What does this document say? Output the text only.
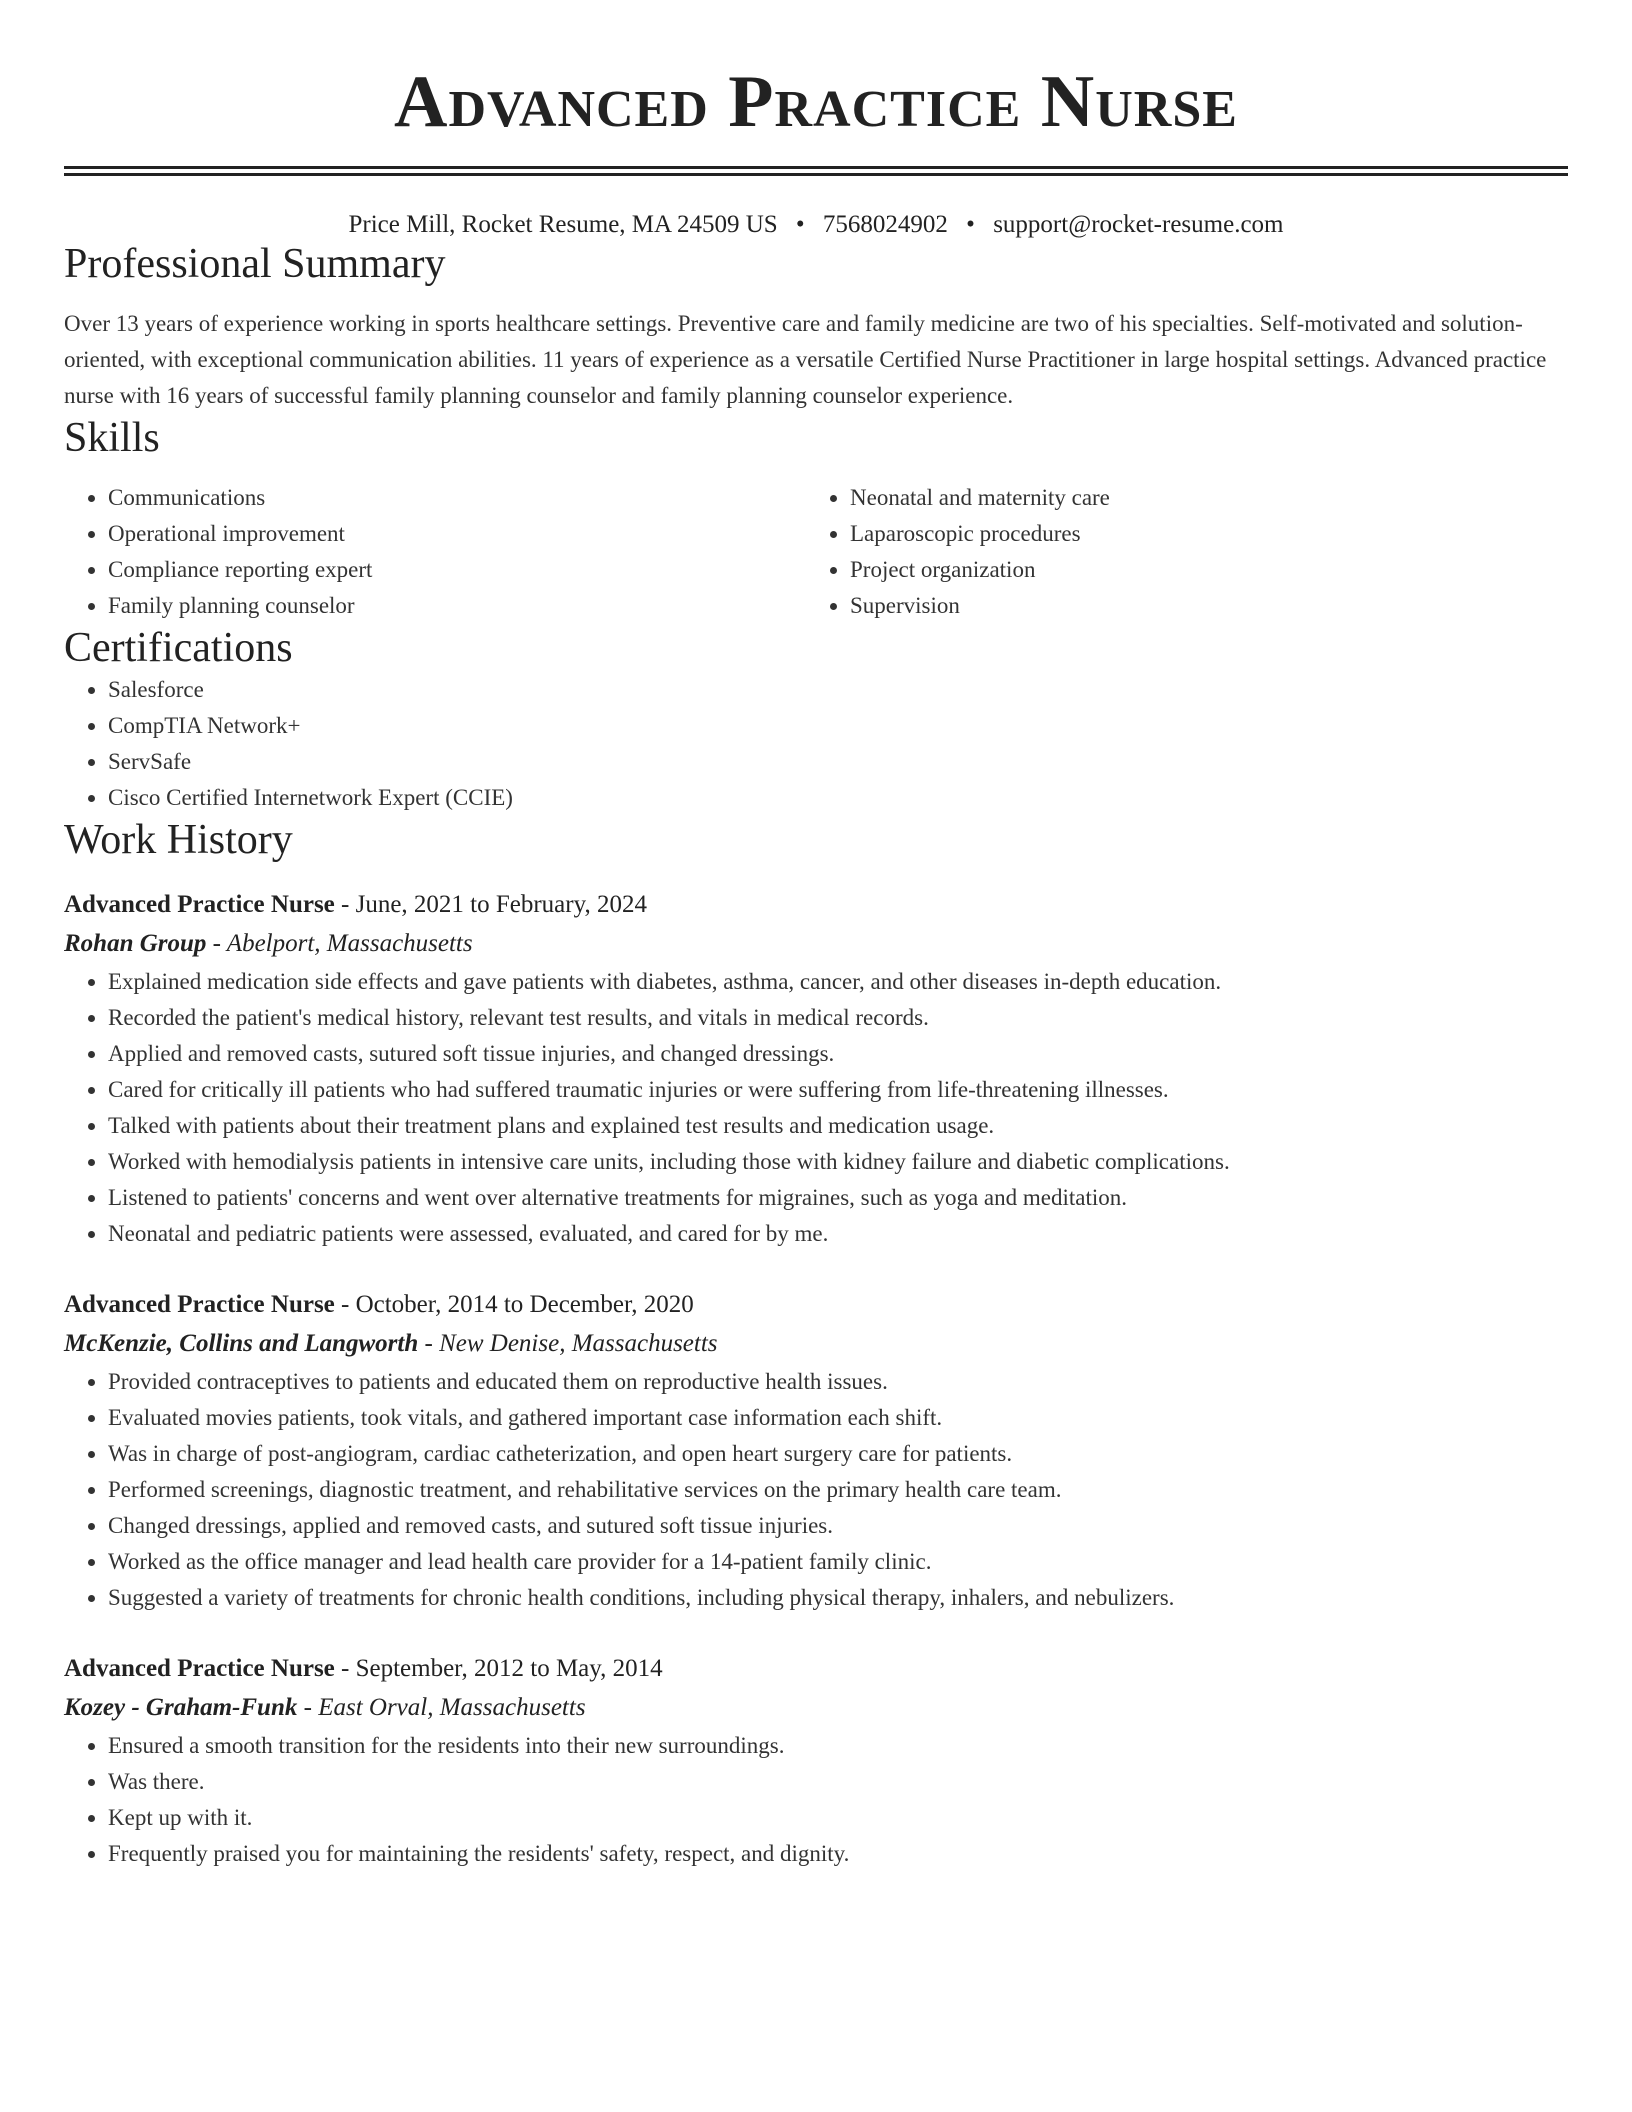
Advanced Practice Nurse
Price Mill, Rocket Resume, MA 24509 US • 7568024902 • support@rocket-resume.com
Professional Summary
Over 13 years of experience working in sports healthcare settings. Preventive care and family medicine are two of his specialties. Self-motivated and solution-oriented, with exceptional communication abilities. 11 years of experience as a versatile Certified Nurse Practitioner in large hospital settings. Advanced practice nurse with 16 years of successful family planning counselor and family planning counselor experience.
Skills
• Communications
• Operational improvement
• Compliance reporting expert
• Family planning counselor
• Neonatal and maternity care
• Laparoscopic procedures
• Project organization
• Supervision
Certifications
• Salesforce
• CompTIA Network+
• ServSafe
• Cisco Certified Internetwork Expert (CCIE)
Work History
Advanced Practice Nurse - June, 2021 to February, 2024
Rohan Group - Abelport, Massachusetts
• Explained medication side effects and gave patients with diabetes, asthma, cancer, and other diseases in-depth education.
• Recorded the patient's medical history, relevant test results, and vitals in medical records.
• Applied and removed casts, sutured soft tissue injuries, and changed dressings.
• Cared for critically ill patients who had suffered traumatic injuries or were suffering from life-threatening illnesses.
• Talked with patients about their treatment plans and explained test results and medication usage.
• Worked with hemodialysis patients in intensive care units, including those with kidney failure and diabetic complications.
• Listened to patients' concerns and went over alternative treatments for migraines, such as yoga and meditation.
• Neonatal and pediatric patients were assessed, evaluated, and cared for by me.
Advanced Practice Nurse - October, 2014 to December, 2020
McKenzie, Collins and Langworth - New Denise, Massachusetts
• Provided contraceptives to patients and educated them on reproductive health issues.
• Evaluated movies patients, took vitals, and gathered important case information each shift.
• Was in charge of post-angiogram, cardiac catheterization, and open heart surgery care for patients.
• Performed screenings, diagnostic treatment, and rehabilitative services on the primary health care team.
• Changed dressings, applied and removed casts, and sutured soft tissue injuries.
• Worked as the office manager and lead health care provider for a 14-patient family clinic.
• Suggested a variety of treatments for chronic health conditions, including physical therapy, inhalers, and nebulizers.
Advanced Practice Nurse - September, 2012 to May, 2014
Kozey - Graham-Funk - East Orval, Massachusetts
• Ensured a smooth transition for the residents into their new surroundings.
• Was there.
• Kept up with it.
• Frequently praised you for maintaining the residents' safety, respect, and dignity.
